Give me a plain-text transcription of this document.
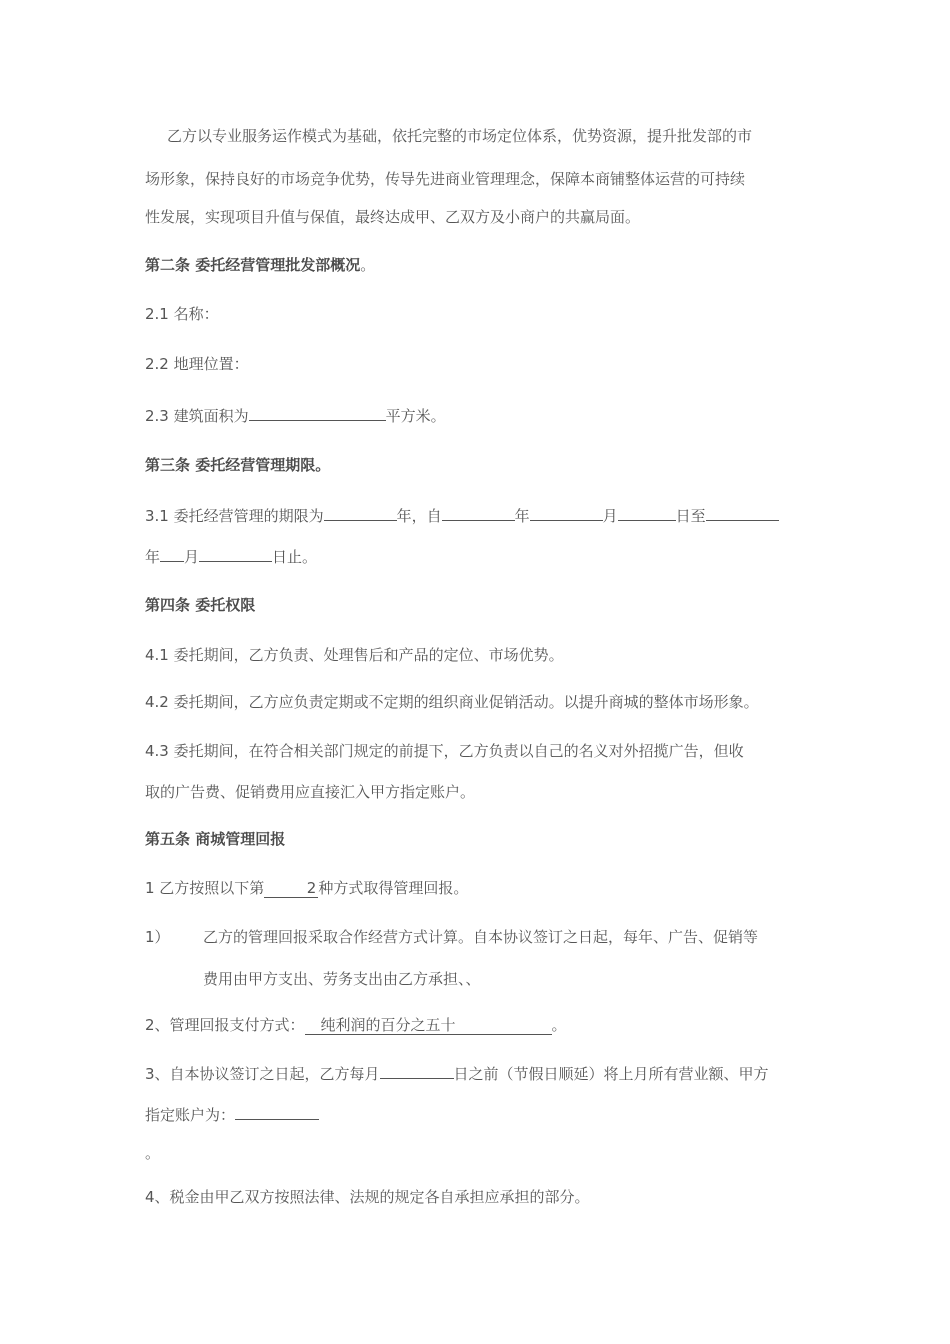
乙方以专业服务运作模式为基础，依托完整的市场定位体系，优势资源，提升批发部的市
场形象，保持良好的市场竞争优势，传导先进商业管理理念，保障本商铺整体运营的可持续
性发展，实现项目升值与保值，最终达成甲、乙双方及小商户的共赢局面。
第二条 委托经营管理批发部概况。
2.1 名称：
2.2 地理位置：
2.3 建筑面积为	平方米。
第三条 委托经营管理期限。
3.1 委托经营管理的期限为	年，自	年	月	日至
年 月	日止。
第四条 委托权限
4.1 委托期间，乙方负责、处理售后和产品的定位、市场优势。
4.2 委托期间，乙方应负责定期或不定期的组织商业促销活动。以提升商城的整体市场形象。
4.3 委托期间，在符合相关部门规定的前提下，乙方负责以自己的名义对外招揽广告，但收
取的广告费、促销费用应直接汇入甲方指定账户。
第五条 商城管理回报
1 乙方按照以下第	2 种方式取得管理回报。
1） 乙方的管理回报采取合作经营方式计算。自本协议签订之日起，每年、广告、促销等
费用由甲方支出、劳务支出由乙方承担、、
2、管理回报支付方式： 纯利润的百分之五十	。
3、自本协议签订之日起，乙方每月	日之前（节假日顺延）将上月所有营业额、甲方
指定账户为：
。
4、税金由甲乙双方按照法律、法规的规定各自承担应承担的部分。
